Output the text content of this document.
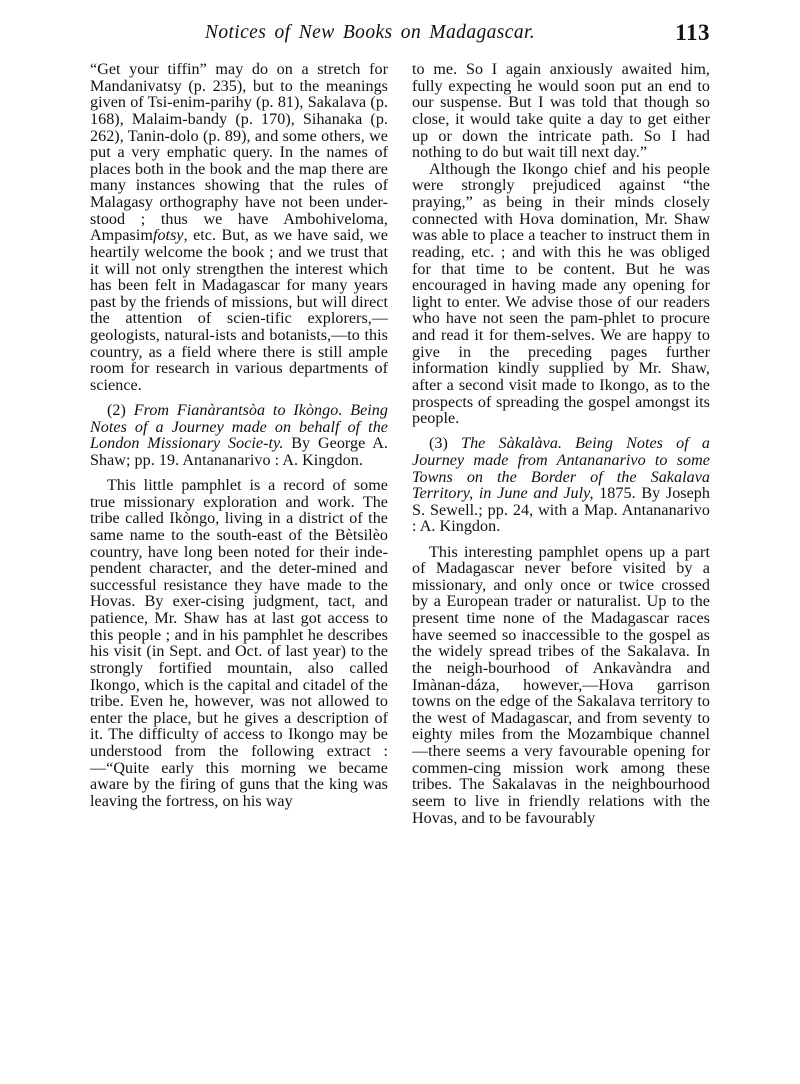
Notices of New Books on Madagascar.	113

“Get your tiffin” may do on a stretch for Mandanivatsy (p. 235), but to the meanings given of Tsi-enim-parihy (p. 81), Sakalava (p. 168), Malaim-bandy (p. 170), Sihanaka (p. 262), Tanin-dolo (p. 89), and some others, we put a very emphatic query. In the names of places both in the book and the map there are many instances showing that the rules of Malagasy orthography have not been under-stood ; thus we have Ambohiveloma, Ampasimfotsy, etc. But, as we have said, we heartily welcome the book ; and we trust that it will not only strengthen the interest which has been felt in Madagascar for many years past by the friends of missions, but will direct the attention of scien-tific explorers,—geologists, natural-ists and botanists,—to this country, as a field where there is still ample room for research in various departments of science.

(2) From Fianàrantsòa to Ikòngo. Being Notes of a Journey made on behalf of the London Missionary Socie-ty. By George A. Shaw; pp. 19. Antananarivo : A. Kingdon.

This little pamphlet is a record of some true missionary exploration and work. The tribe called Ikòngo, living in a district of the same name to the south-east of the Bètsilèo country, have long been noted for their inde-pendent character, and the deter-mined and successful resistance they have made to the Hovas. By exer-cising judgment, tact, and patience, Mr. Shaw has at last got access to this people ; and in his pamphlet he describes his visit (in Sept. and Oct. of last year) to the strongly fortified mountain, also called Ikongo, which is the capital and citadel of the tribe. Even he, however, was not allowed to enter the place, but he gives a description of it. The difficulty of access to Ikongo may be understood from the following extract :—“Quite early this morning we became aware by the firing of guns that the king was leaving the fortress, on his way

to me. So I again anxiously awaited him, fully expecting he would soon put an end to our suspense. But I was told that though so close, it would take quite a day to get either up or down the intricate path. So I had nothing to do but wait till next day.”

Although the Ikongo chief and his people were strongly prejudiced against “the praying,” as being in their minds closely connected with Hova domination, Mr. Shaw was able to place a teacher to instruct them in reading, etc. ; and with this he was obliged for that time to be content. But he was encouraged in having made any opening for light to enter. We advise those of our readers who have not seen the pam-phlet to procure and read it for them-selves. We are happy to give in the preceding pages further information kindly supplied by Mr. Shaw, after a second visit made to Ikongo, as to the prospects of spreading the gospel amongst its people.

(3) The Sàkalàva. Being Notes of a Journey made from Antananarivo to some Towns on the Border of the Sakalava Territory, in June and July, 1875. By Joseph S. Sewell.; pp. 24, with a Map. Antananarivo : A. Kingdon.

This interesting pamphlet opens up a part of Madagascar never before visited by a missionary, and only once or twice crossed by a European trader or naturalist. Up to the present time none of the Madagascar races have seemed so inaccessible to the gospel as the widely spread tribes of the Sakalava. In the neigh-bourhood of Ankavàndra and Imànan-dáza, however,—Hova garrison towns on the edge of the Sakalava territory to the west of Madagascar, and from seventy to eighty miles from the Mozambique channel—there seems a very favourable opening for commen-cing mission work among these tribes. The Sakalavas in the neighbourhood seem to live in friendly relations with the Hovas, and to be favourably
